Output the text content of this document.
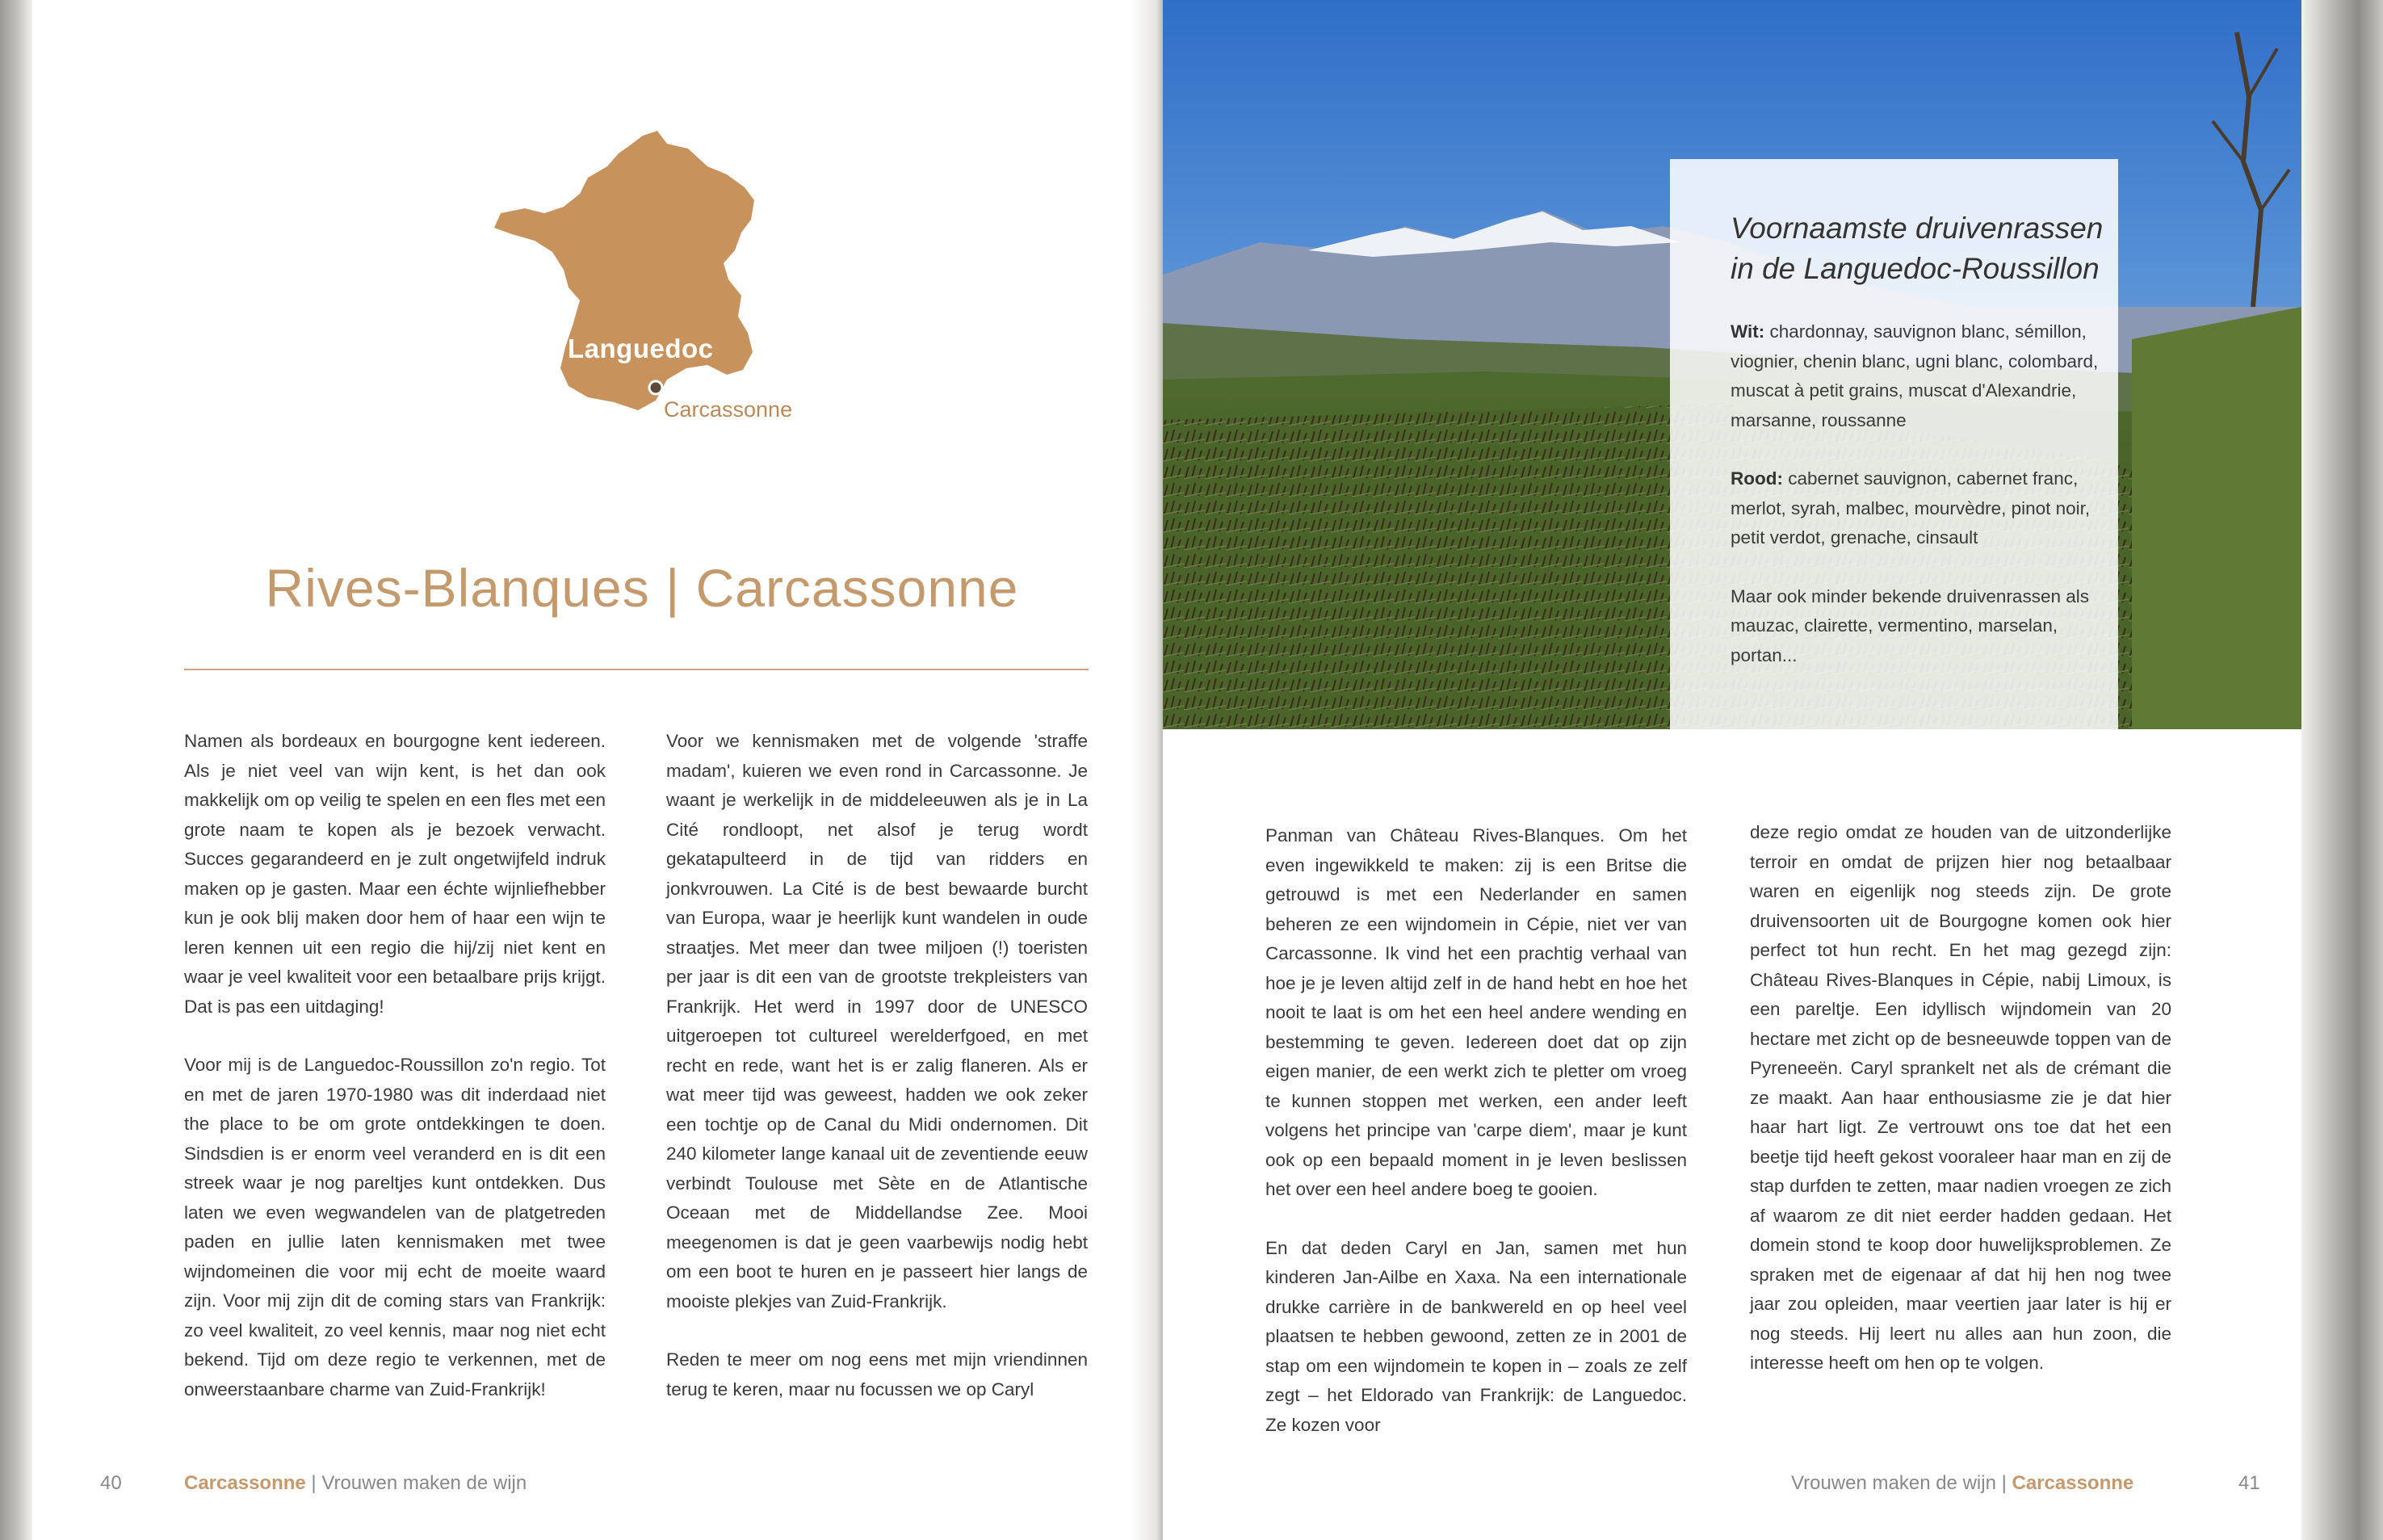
Languedoc
Carcassonne
Rives-Blanques | Carcassonne

Namen als bordeaux en bourgogne kent iedereen. Als je niet veel van wijn kent, is het dan ook makkelijk om op veilig te spelen en een fles met een grote naam te kopen als je bezoek verwacht. Succes gegarandeerd en je zult ongetwijfeld indruk maken op je gasten. Maar een échte wijnliefhebber kun je ook blij maken door hem of haar een wijn te leren kennen uit een regio die hij/zij niet kent en waar je veel kwaliteit voor een betaalbare prijs krijgt. Dat is pas een uitdaging!

Voor mij is de Languedoc-Roussillon zo'n regio. Tot en met de jaren 1970-1980 was dit inderdaad niet the place to be om grote ontdekkingen te doen. Sindsdien is er enorm veel veranderd en is dit een streek waar je nog pareltjes kunt ontdekken. Dus laten we even wegwandelen van de platgetreden paden en jullie laten kennismaken met twee wijndomeinen die voor mij echt de moeite waard zijn. Voor mij zijn dit de coming stars van Frankrijk: zo veel kwaliteit, zo veel kennis, maar nog niet echt bekend. Tijd om deze regio te verkennen, met de onweerstaanbare charme van Zuid-Frankrijk!

Voor we kennismaken met de volgende 'straffe madam', kuieren we even rond in Carcassonne. Je waant je werkelijk in de middeleeuwen als je in La Cité rondloopt, net alsof je terug wordt gekatapulteerd in de tijd van ridders en jonkvrouwen. La Cité is de best bewaarde burcht van Europa, waar je heerlijk kunt wandelen in oude straatjes. Met meer dan twee miljoen (!) toeristen per jaar is dit een van de grootste trekpleisters van Frankrijk. Het werd in 1997 door de UNESCO uitgeroepen tot cultureel werelderfgoed, en met recht en rede, want het is er zalig flaneren. Als er wat meer tijd was geweest, hadden we ook zeker een tochtje op de Canal du Midi ondernomen. Dit 240 kilometer lange kanaal uit de zeventiende eeuw verbindt Toulouse met Sète en de Atlantische Oceaan met de Middellandse Zee. Mooi meegenomen is dat je geen vaarbewijs nodig hebt om een boot te huren en je passeert hier langs de mooiste plekjes van Zuid-Frankrijk.

Reden te meer om nog eens met mijn vriendinnen terug te keren, maar nu focussen we op Caryl

40	Carcassonne | Vrouwen maken de wijn
Voornaamste druivenrassen
in de Languedoc-Roussillon

Wit: chardonnay, sauvignon blanc, sémillon, viognier, chenin blanc, ugni blanc, colombard, muscat à petit grains, muscat d'Alexandrie, marsanne, roussanne

Rood: cabernet sauvignon, cabernet franc, merlot, syrah, malbec, mourvèdre, pinot noir, petit verdot, grenache, cinsault

Maar ook minder bekende druivenrassen als mauzac, clairette, vermentino, marselan, portan...

Panman van Château Rives-Blanques. Om het even ingewikkeld te maken: zij is een Britse die getrouwd is met een Nederlander en samen beheren ze een wijndomein in Cépie, niet ver van Carcassonne. Ik vind het een prachtig verhaal van hoe je je leven altijd zelf in de hand hebt en hoe het nooit te laat is om het een heel andere wending en bestemming te geven. Iedereen doet dat op zijn eigen manier, de een werkt zich te pletter om vroeg te kunnen stoppen met werken, een ander leeft volgens het principe van 'carpe diem', maar je kunt ook op een bepaald moment in je leven beslissen het over een heel andere boeg te gooien.

En dat deden Caryl en Jan, samen met hun kinderen Jan-Ailbe en Xaxa. Na een internationale drukke carrière in de bankwereld en op heel veel plaatsen te hebben gewoond, zetten ze in 2001 de stap om een wijndomein te kopen in – zoals ze zelf zegt – het Eldorado van Frankrijk: de Languedoc. Ze kozen voor

deze regio omdat ze houden van de uitzonderlijke terroir en omdat de prijzen hier nog betaalbaar waren en eigenlijk nog steeds zijn. De grote druivensoorten uit de Bourgogne komen ook hier perfect tot hun recht. En het mag gezegd zijn: Château Rives-Blanques in Cépie, nabij Limoux, is een pareltje. Een idyllisch wijndomein van 20 hectare met zicht op de besneeuwde toppen van de Pyreneeën. Caryl sprankelt net als de crémant die ze maakt. Aan haar enthousiasme zie je dat hier haar hart ligt. Ze vertrouwt ons toe dat het een beetje tijd heeft gekost vooraleer haar man en zij de stap durfden te zetten, maar nadien vroegen ze zich af waarom ze dit niet eerder hadden gedaan. Het domein stond te koop door huwelijksproblemen. Ze spraken met de eigenaar af dat hij hen nog twee jaar zou opleiden, maar veertien jaar later is hij er nog steeds. Hij leert nu alles aan hun zoon, die interesse heeft om hen op te volgen.

Vrouwen maken de wijn | Carcassonne	41
